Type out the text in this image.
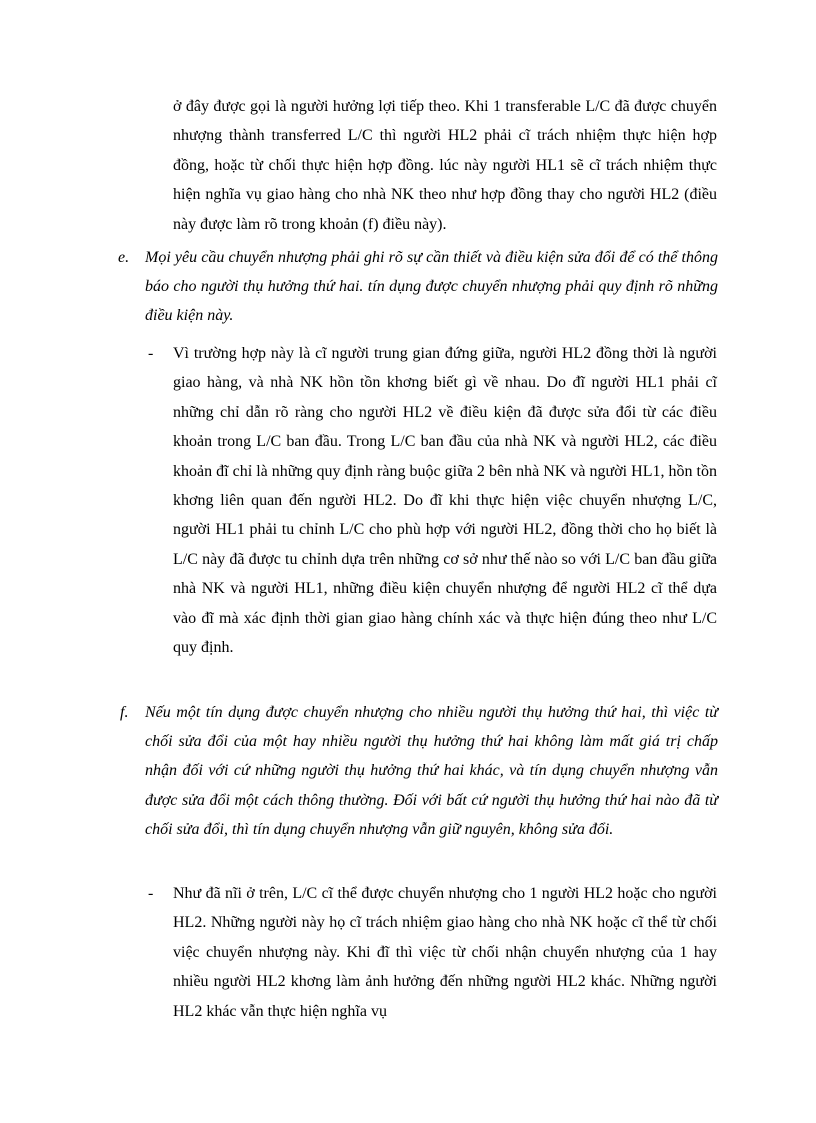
ở đây được gọi là người hưởng lợi tiếp theo. Khi 1 transferable L/C đã được chuyển nhượng thành transferred L/C thì người HL2 phải cĩ trách nhiệm thực hiện hợp đồng, hoặc từ chối thực hiện hợp đồng. lúc này người HL1 sẽ cĩ trách nhiệm thực hiện nghĩa vụ giao hàng cho nhà NK theo như hợp đồng thay cho người HL2 (điều này được làm rõ trong khoản (f) điều này).

e. Mọi yêu cầu chuyển nhượng phải ghi rõ sự cần thiết và điều kiện sửa đổi để có thể thông báo cho người thụ hưởng thứ hai. tín dụng được chuyển nhượng phải quy định rõ những điều kiện này.

- Vì trường hợp này là cĩ người trung gian đứng giữa, người HL2 đồng thời là người giao hàng, và nhà NK hồn tồn khơng biết gì về nhau. Do đĩ người HL1 phải cĩ những chỉ dẫn rõ ràng cho người HL2 về điều kiện đã được sửa đổi từ các điều khoản trong L/C ban đầu. Trong L/C ban đầu của nhà NK và người HL2, các điều khoản đĩ chỉ là những quy định ràng buộc giữa 2 bên nhà NK và người HL1, hồn tồn khơng liên quan đến người HL2. Do đĩ khi thực hiện việc chuyển nhượng L/C, người HL1 phải tu chỉnh L/C cho phù hợp với người HL2, đồng thời cho họ biết là L/C này đã được tu chỉnh dựa trên những cơ sở như thế nào so với L/C ban đầu giữa nhà NK và người HL1, những điều kiện chuyển nhượng để người HL2 cĩ thể dựa vào đĩ mà xác định thời gian giao hàng chính xác và thực hiện đúng theo như L/C quy định.

f. Nếu một tín dụng được chuyển nhượng cho nhiều người thụ hưởng thứ hai, thì việc từ chối sửa đổi của một hay nhiều người thụ hưởng thứ hai không làm mất giá trị chấp nhận đối với cứ những người thụ hưởng thứ hai khác, và tín dụng chuyển nhượng vẫn được sửa đổi một cách thông thường. Đối với bất cứ người thụ hưởng thứ hai nào đã từ chối sửa đổi, thì tín dụng chuyển nhượng vẫn giữ nguyên, không sửa đổi.

- Như đã nĩi ở trên, L/C cĩ thể được chuyển nhượng cho 1 người HL2 hoặc cho người HL2. Những người này họ cĩ trách nhiệm giao hàng cho nhà NK hoặc cĩ thể từ chối việc chuyển nhượng này. Khi đĩ thì việc từ chối nhận chuyển nhượng của 1 hay nhiều người HL2 khơng làm ảnh hưởng đến những người HL2 khác. Những người HL2 khác vẫn thực hiện nghĩa vụ
